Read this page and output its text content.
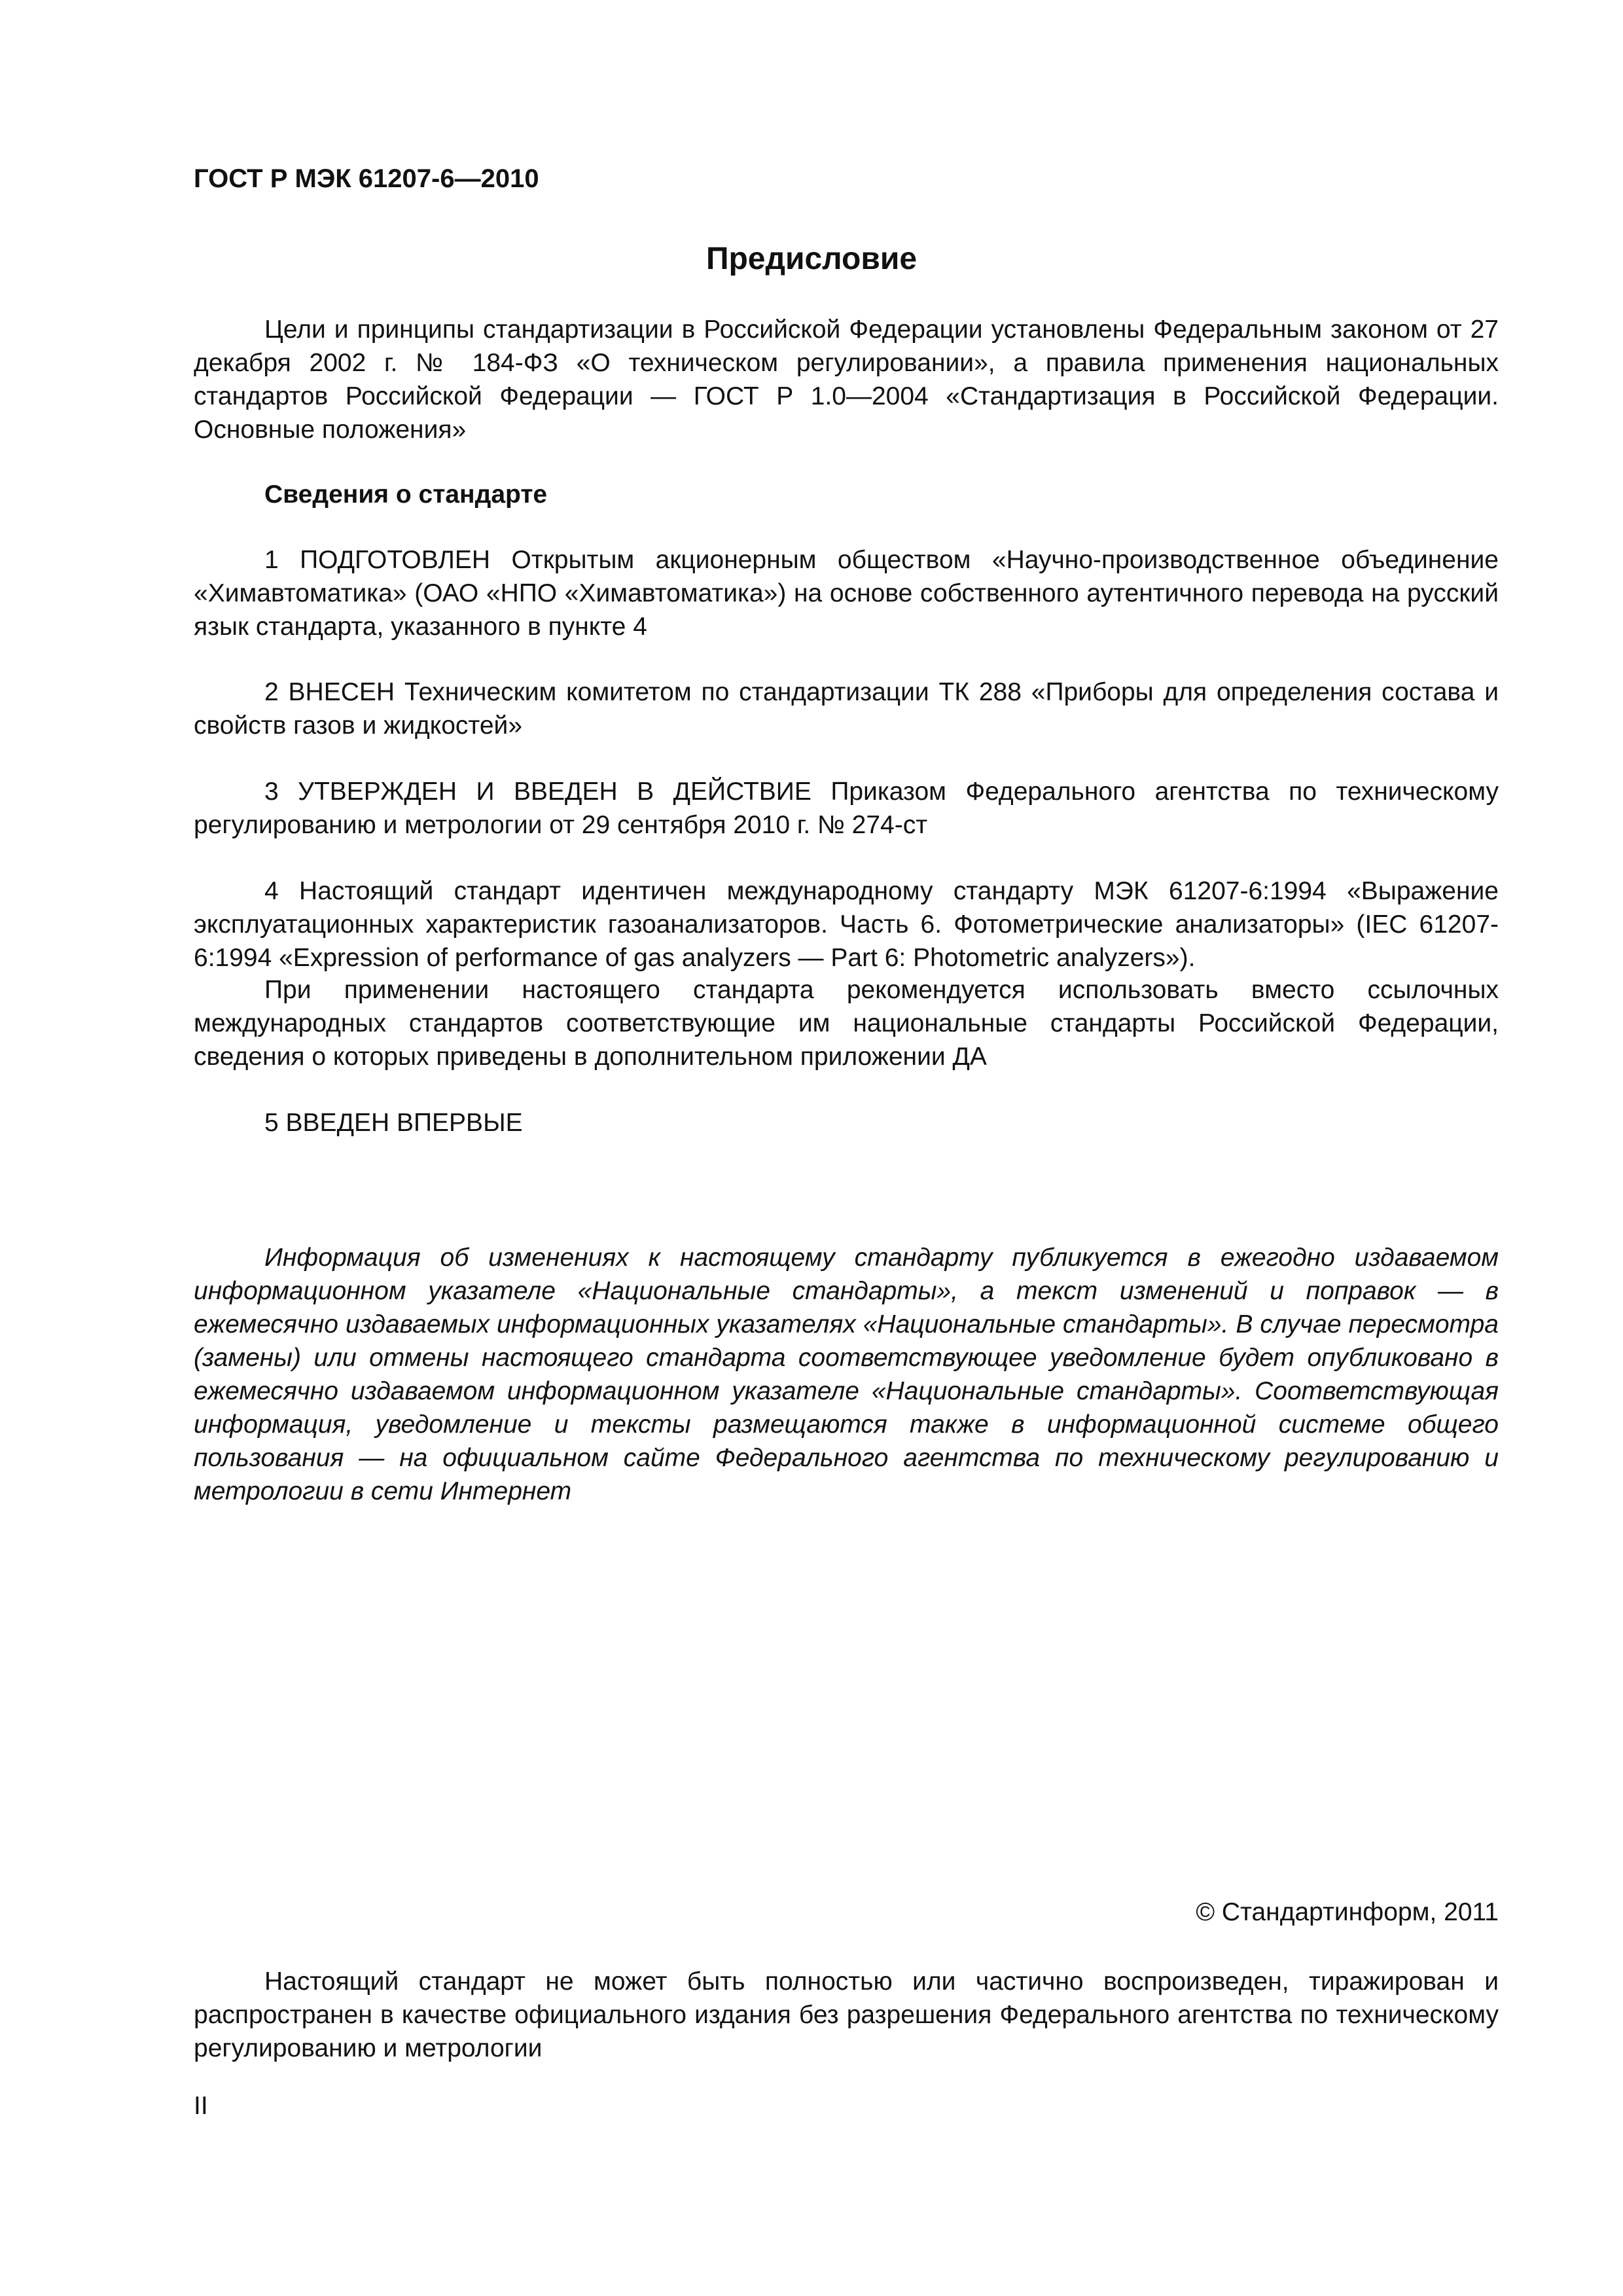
ГОСТ Р МЭК 61207-6—2010
Предисловие

Цели и принципы стандартизации в Российской Федерации установлены Федеральным законом от 27 декабря 2002 г. № 184-ФЗ «О техническом регулировании», а правила применения национальных стандартов Российской Федерации — ГОСТ Р 1.0—2004 «Стандартизация в Российской Федерации. Основные положения»

Сведения о стандарте

1 ПОДГОТОВЛЕН Открытым акционерным обществом «Научно-производственное объединение «Химавтоматика» (ОАО «НПО «Химавтоматика») на основе собственного аутентичного перевода на русский язык стандарта, указанного в пункте 4

2 ВНЕСЕН Техническим комитетом по стандартизации ТК 288 «Приборы для определения состава и свойств газов и жидкостей»

3 УТВЕРЖДЕН И ВВЕДЕН В ДЕЙСТВИЕ Приказом Федерального агентства по техническому регулированию и метрологии от 29 сентября 2010 г. № 274-ст

4 Настоящий стандарт идентичен международному стандарту МЭК 61207-6:1994 «Выражение эксплуатационных характеристик газоанализаторов. Часть 6. Фотометрические анализаторы» (IEC 61207-6:1994 «Expression of performance of gas analyzers — Part 6: Photometric analyzers»).

При применении настоящего стандарта рекомендуется использовать вместо ссылочных международных стандартов соответствующие им национальные стандарты Российской Федерации, сведения о которых приведены в дополнительном приложении ДА

5 ВВЕДЕН ВПЕРВЫЕ

Информация об изменениях к настоящему стандарту публикуется в ежегодно издаваемом информационном указателе «Национальные стандарты», а текст изменений и поправок — в ежемесячно издаваемых информационных указателях «Национальные стандарты». В случае пересмотра (замены) или отмены настоящего стандарта соответствующее уведомление будет опубликовано в ежемесячно издаваемом информационном указателе «Национальные стандарты». Соответствующая информация, уведомление и тексты размещаются также в информационной системе общего пользования — на официальном сайте Федерального агентства по техническому регулированию и метрологии в сети Интернет

© Стандартинформ, 2011

Настоящий стандарт не может быть полностью или частично воспроизведен, тиражирован и распространен в качестве официального издания без разрешения Федерального агентства по техническому регулированию и метрологии

II
